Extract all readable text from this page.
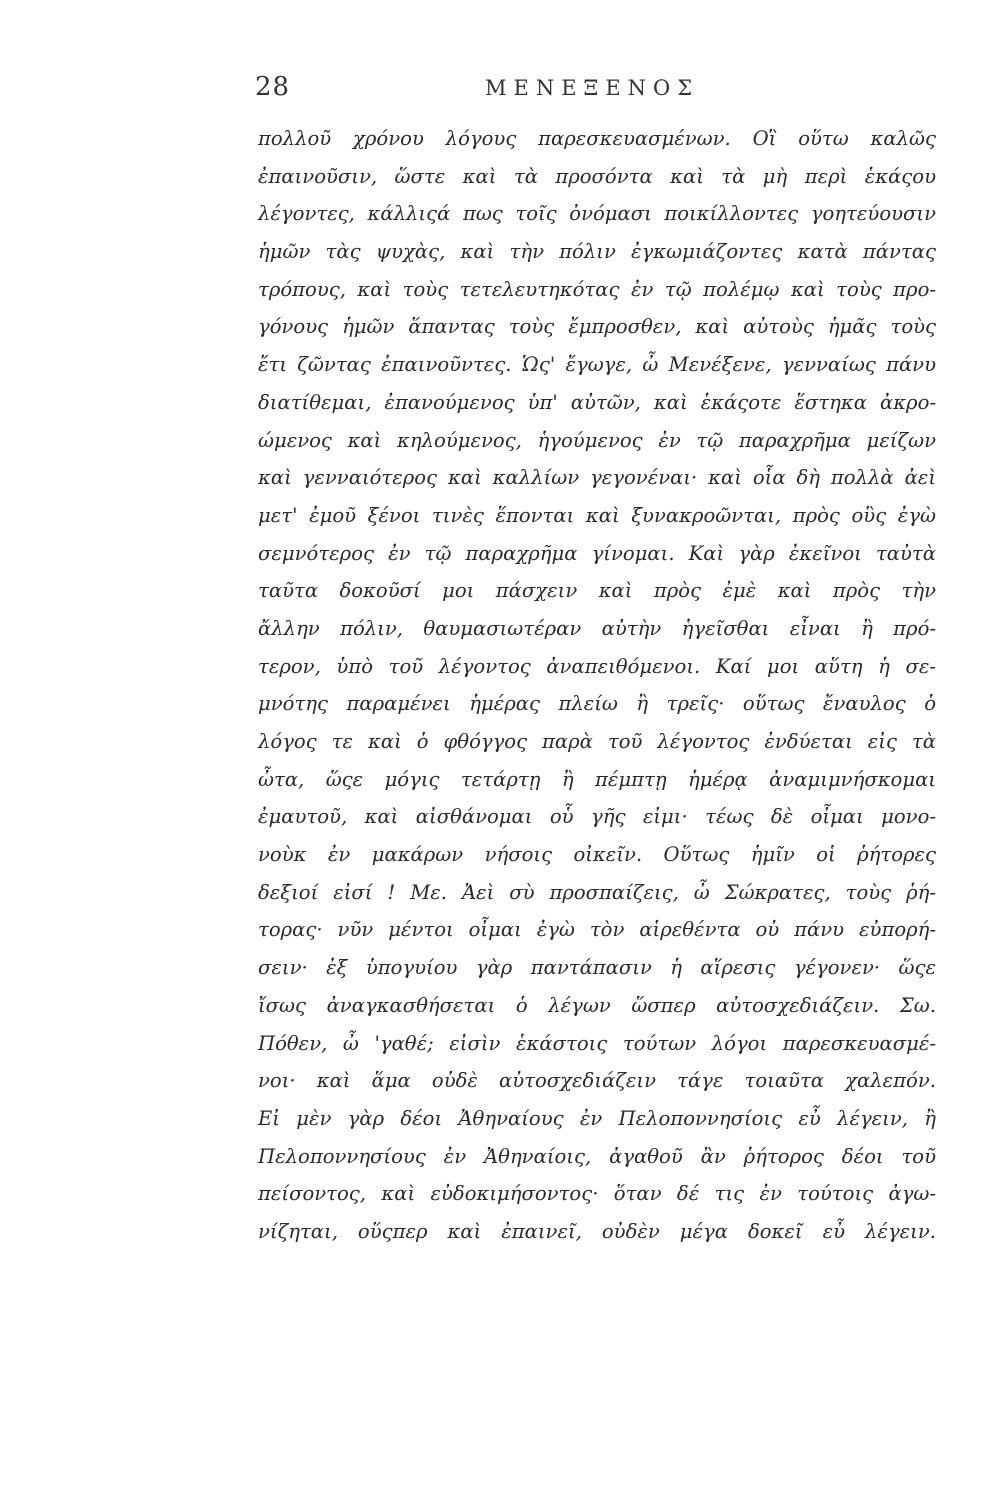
28	ΜΕΝΕΞΕΝΟΣ
πολλοῦ χρόνου λόγους παρεσκευασμένων. Οἳ οὕτω καλῶς
ἐπαινοῦσιν, ὥστε καὶ τὰ προσόντα καὶ τὰ μὴ περὶ ἑκάςου
λέγοντες, κάλλιςά πως τοῖς ὀνόμασι ποικίλλοντες γοητεύουσιν
ἡμῶν τὰς ψυχὰς, καὶ τὴν πόλιν ἐγκωμιάζοντες κατὰ πάντας
τρόπους, καὶ τοὺς τετελευτηκότας ἐν τῷ πολέμῳ καὶ τοὺς προ-
γόνους ἡμῶν ἅπαντας τοὺς ἔμπροσθεν, καὶ αὐτοὺς ἡμᾶς τοὺς
ἔτι ζῶντας ἐπαινοῦντες. Ὡς' ἔγωγε, ὦ Μενέξενε, γενναίως πάνυ
διατίθεμαι, ἐπανούμενος ὑπ' αὐτῶν, καὶ ἑκάςοτε ἕστηκα ἀκρο-
ώμενος καὶ κηλούμενος, ἡγούμενος ἐν τῷ παραχρῆμα μείζων
καὶ γενναιότερος καὶ καλλίων γεγονέναι· καὶ οἷα δὴ πολλὰ ἀεὶ
μετ' ἐμοῦ ξένοι τινὲς ἕπονται καὶ ξυνακροῶνται, πρὸς οὓς ἐγὼ
σεμνότερος ἐν τῷ παραχρῆμα γίνομαι. Καὶ γὰρ ἐκεῖνοι ταὐτὰ
ταῦτα δοκοῦσί μοι πάσχειν καὶ πρὸς ἐμὲ καὶ πρὸς τὴν
ἄλλην πόλιν, θαυμασιωτέραν αὐτὴν ἡγεῖσθαι εἶναι ἢ πρό-
τερον, ὑπὸ τοῦ λέγοντος ἀναπειθόμενοι. Καί μοι αὕτη ἡ σε-
μνότης παραμένει ἡμέρας πλείω ἢ τρεῖς· οὕτως ἔναυλος ὁ
λόγος τε καὶ ὁ φθόγγος παρὰ τοῦ λέγοντος ἐνδύεται εἰς τὰ
ὦτα, ὥςε μόγις τετάρτῃ ἢ πέμπτῃ ἡμέρᾳ ἀναμιμνήσκομαι
ἐμαυτοῦ, καὶ αἰσθάνομαι οὗ γῆς εἰμι· τέως δὲ οἶμαι μονο-
νοὺκ ἐν μακάρων νήσοις οἰκεῖν. Οὕτως ἡμῖν οἱ ῥήτορες
δεξιοί εἰσί ! Με. Ἀεὶ σὺ προσπαίζεις, ὦ Σώκρατες, τοὺς ῥή-
τορας· νῦν μέντοι οἶμαι ἐγὼ τὸν αἱρεθέντα οὐ πάνυ εὐπορή-
σειν· ἐξ ὑπογυίου γὰρ παντάπασιν ἡ αἵρεσις γέγονεν· ὥςε
ἴσως ἀναγκασθήσεται ὁ λέγων ὥσπερ αὐτοσχεδιάζειν. Σω.
Πόθεν, ὦ 'γαθέ; εἰσὶν ἑκάστοις τούτων λόγοι παρεσκευασμέ-
νοι· καὶ ἅμα οὐδὲ αὐτοσχεδιάζειν τάγε τοιαῦτα χαλεπόν.
Εἰ μὲν γὰρ δέοι Ἀθηναίους ἐν Πελοποννησίοις εὖ λέγειν, ἢ
Πελοποννησίους ἐν Ἀθηναίοις, ἀγαθοῦ ἂν ῥήτορος δέοι τοῦ
πείσοντος, καὶ εὐδοκιμήσοντος· ὅταν δέ τις ἐν τούτοις ἀγω-
νίζηται, οὕςπερ καὶ ἐπαινεῖ, οὐδὲν μέγα δοκεῖ εὖ λέγειν.
